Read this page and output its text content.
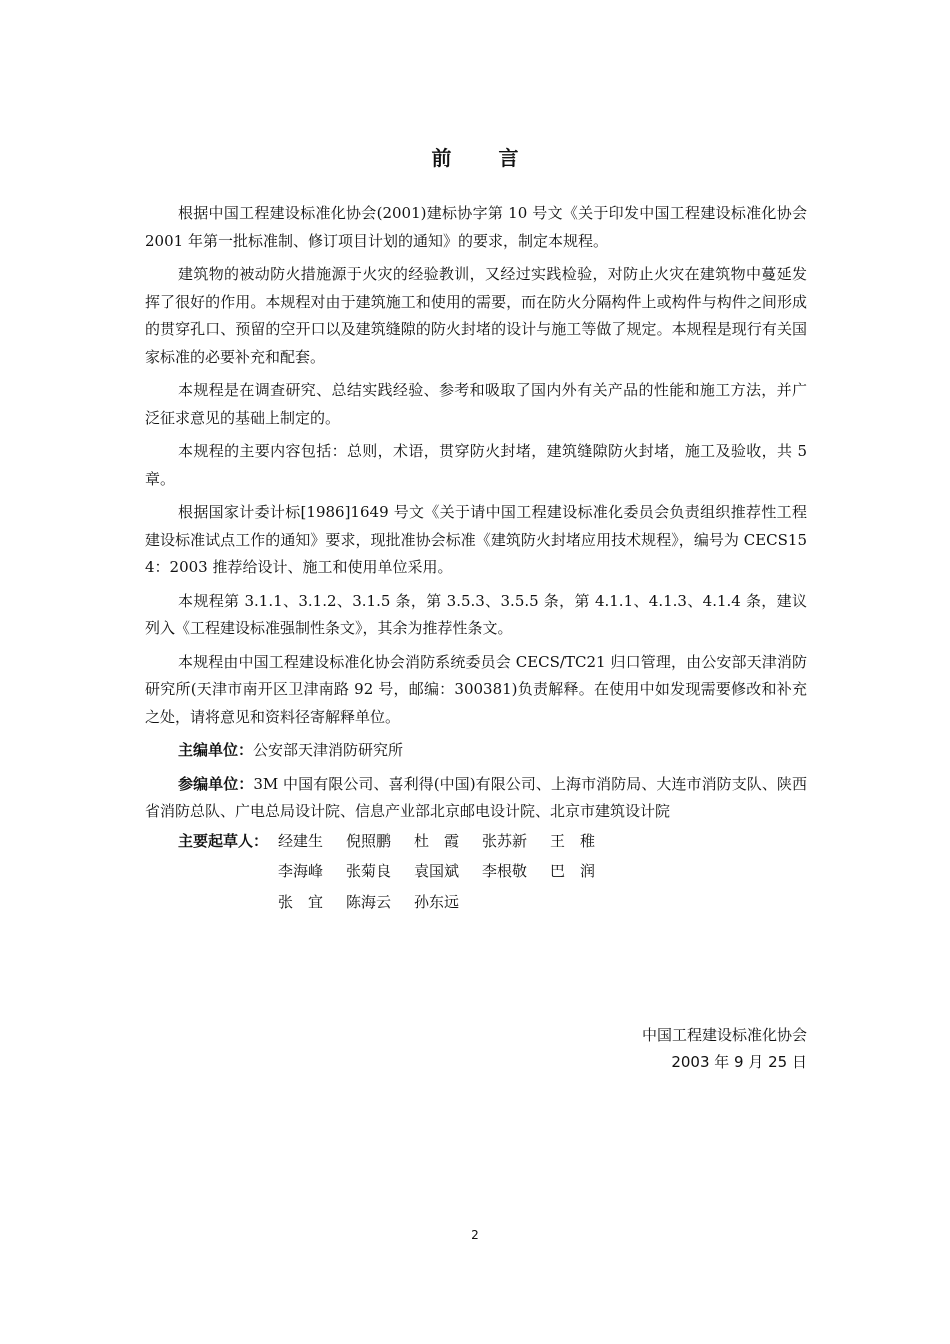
前 言

根据中国工程建设标准化协会(2001)建标协字第 10 号文《关于印发中国工程建设标准化协会 2001 年第一批标准制、修订项目计划的通知》的要求，制定本规程。

建筑物的被动防火措施源于火灾的经验教训，又经过实践检验，对防止火灾在建筑物中蔓延发挥了很好的作用。本规程对由于建筑施工和使用的需要，而在防火分隔构件上或构件与构件之间形成的贯穿孔口、预留的空开口以及建筑缝隙的防火封堵的设计与施工等做了规定。本规程是现行有关国家标准的必要补充和配套。

本规程是在调查研究、总结实践经验、参考和吸取了国内外有关产品的性能和施工方法，并广泛征求意见的基础上制定的。

本规程的主要内容包括：总则，术语，贯穿防火封堵，建筑缝隙防火封堵，施工及验收，共 5 章。

根据国家计委计标[1986]1649 号文《关于请中国工程建设标准化委员会负责组织推荐性工程建设标准试点工作的通知》要求，现批准协会标准《建筑防火封堵应用技术规程》，编号为 CECS154：2003 推荐给设计、施工和使用单位采用。

本规程第 3.1.1、3.1.2、3.1.5 条，第 3.5.3、3.5.5 条，第 4.1.1、4.1.3、4.1.4 条，建议列入《工程建设标准强制性条文》，其余为推荐性条文。

本规程由中国工程建设标准化协会消防系统委员会 CECS/TC21 归口管理，由公安部天津消防研究所(天津市南开区卫津南路 92 号，邮编：300381)负责解释。在使用中如发现需要修改和补充之处，请将意见和资料径寄解释单位。

主编单位：公安部天津消防研究所

参编单位：3M 中国有限公司、喜利得(中国)有限公司、上海市消防局、大连市消防支队、陕西省消防总队、广电总局设计院、信息产业部北京邮电设计院、北京市建筑设计院

主要起草人： 经建生	倪照鹏	杜　霞	张苏新	王　稚
李海峰	张菊良	袁国斌	李根敬	巴　润
张　宜	陈海云	孙东远
中国工程建设标准化协会
2003 年 9 月 25 日
2
